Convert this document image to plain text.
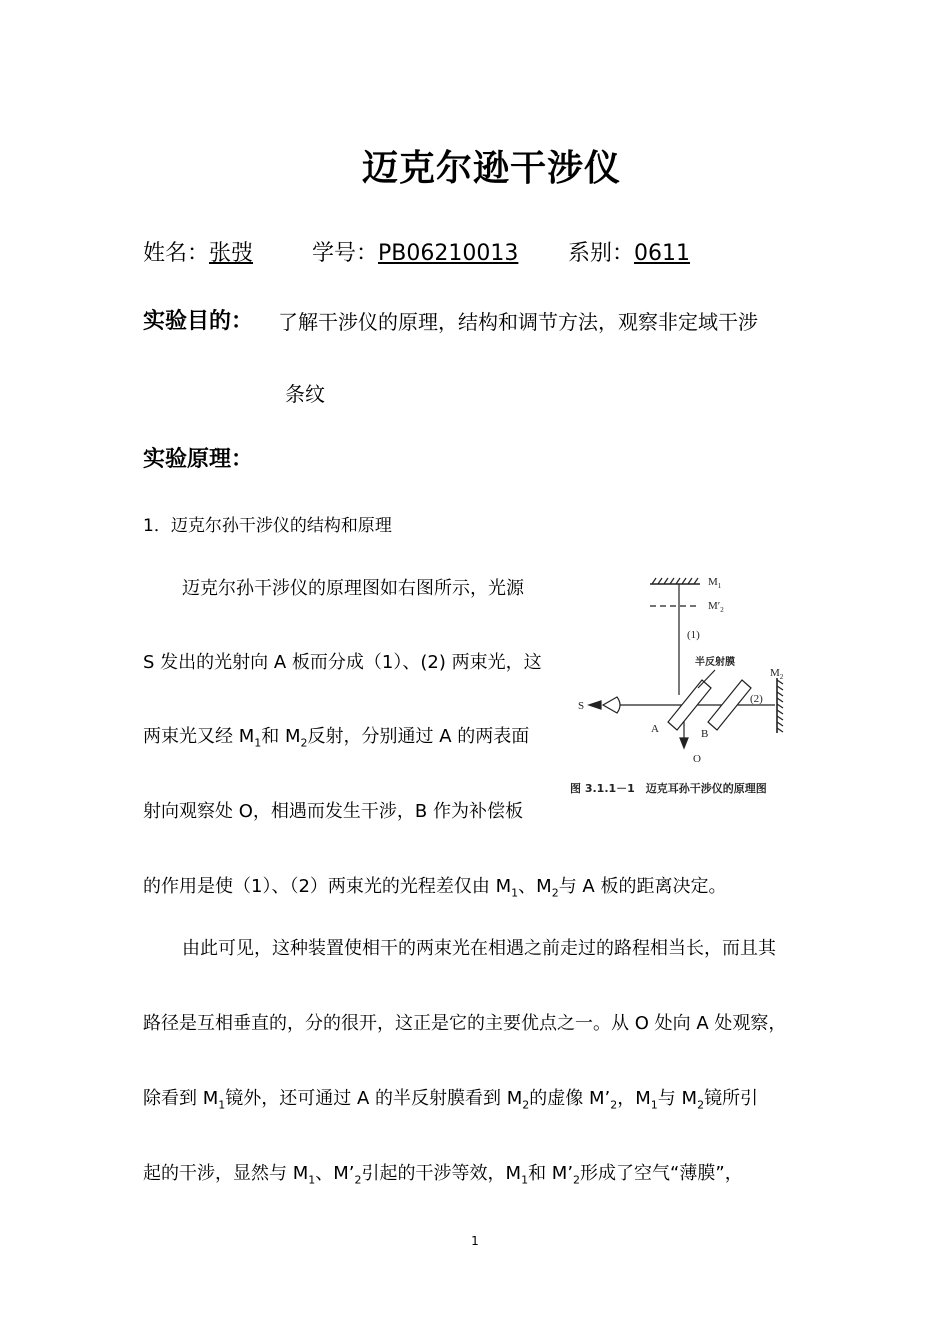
迈克尔逊干涉仪
姓名：张弢	学号：PB06210013 系别：0611
实验目的： 了解干涉仪的原理，结构和调节方法，观察非定域干涉
条纹
实验原理：
1．迈克尔孙干涉仪的结构和原理
迈克尔孙干涉仪的原理图如右图所示，光源
S 发出的光射向 A 板而分成（1）、(2) 两束光，这
两束光又经 $M_1$和 $M_2$反射，分别通过 A 的两表面
射向观察处 O，相遇而发生干涉，B 作为补偿板
的作用是使（1）、（2）两束光的光程差仅由 $M_1$、$M_2$与 A 板的距离决定。
由此可见，这种装置使相干的两束光在相遇之前走过的路程相当长，而且其
路径是互相垂直的，分的很开，这正是它的主要优点之一。从 O 处向 A 处观察，
除看到 $M_1$镜外，还可通过 A 的半反射膜看到 $M_2$的虚像 $M’_2$，$M_1$与 $M_2$镜所引
起的干涉，显然与 $M_1$、$M’_2$引起的干涉等效，$M_1$和 $M’_2$形成了空气“薄膜”，
$M_1$
$M'_2$
(1)
半反射膜
$M_2$
(2)
S
A	B
O
图 3.1.1－1　迈克耳孙干涉仪的原理图
1
